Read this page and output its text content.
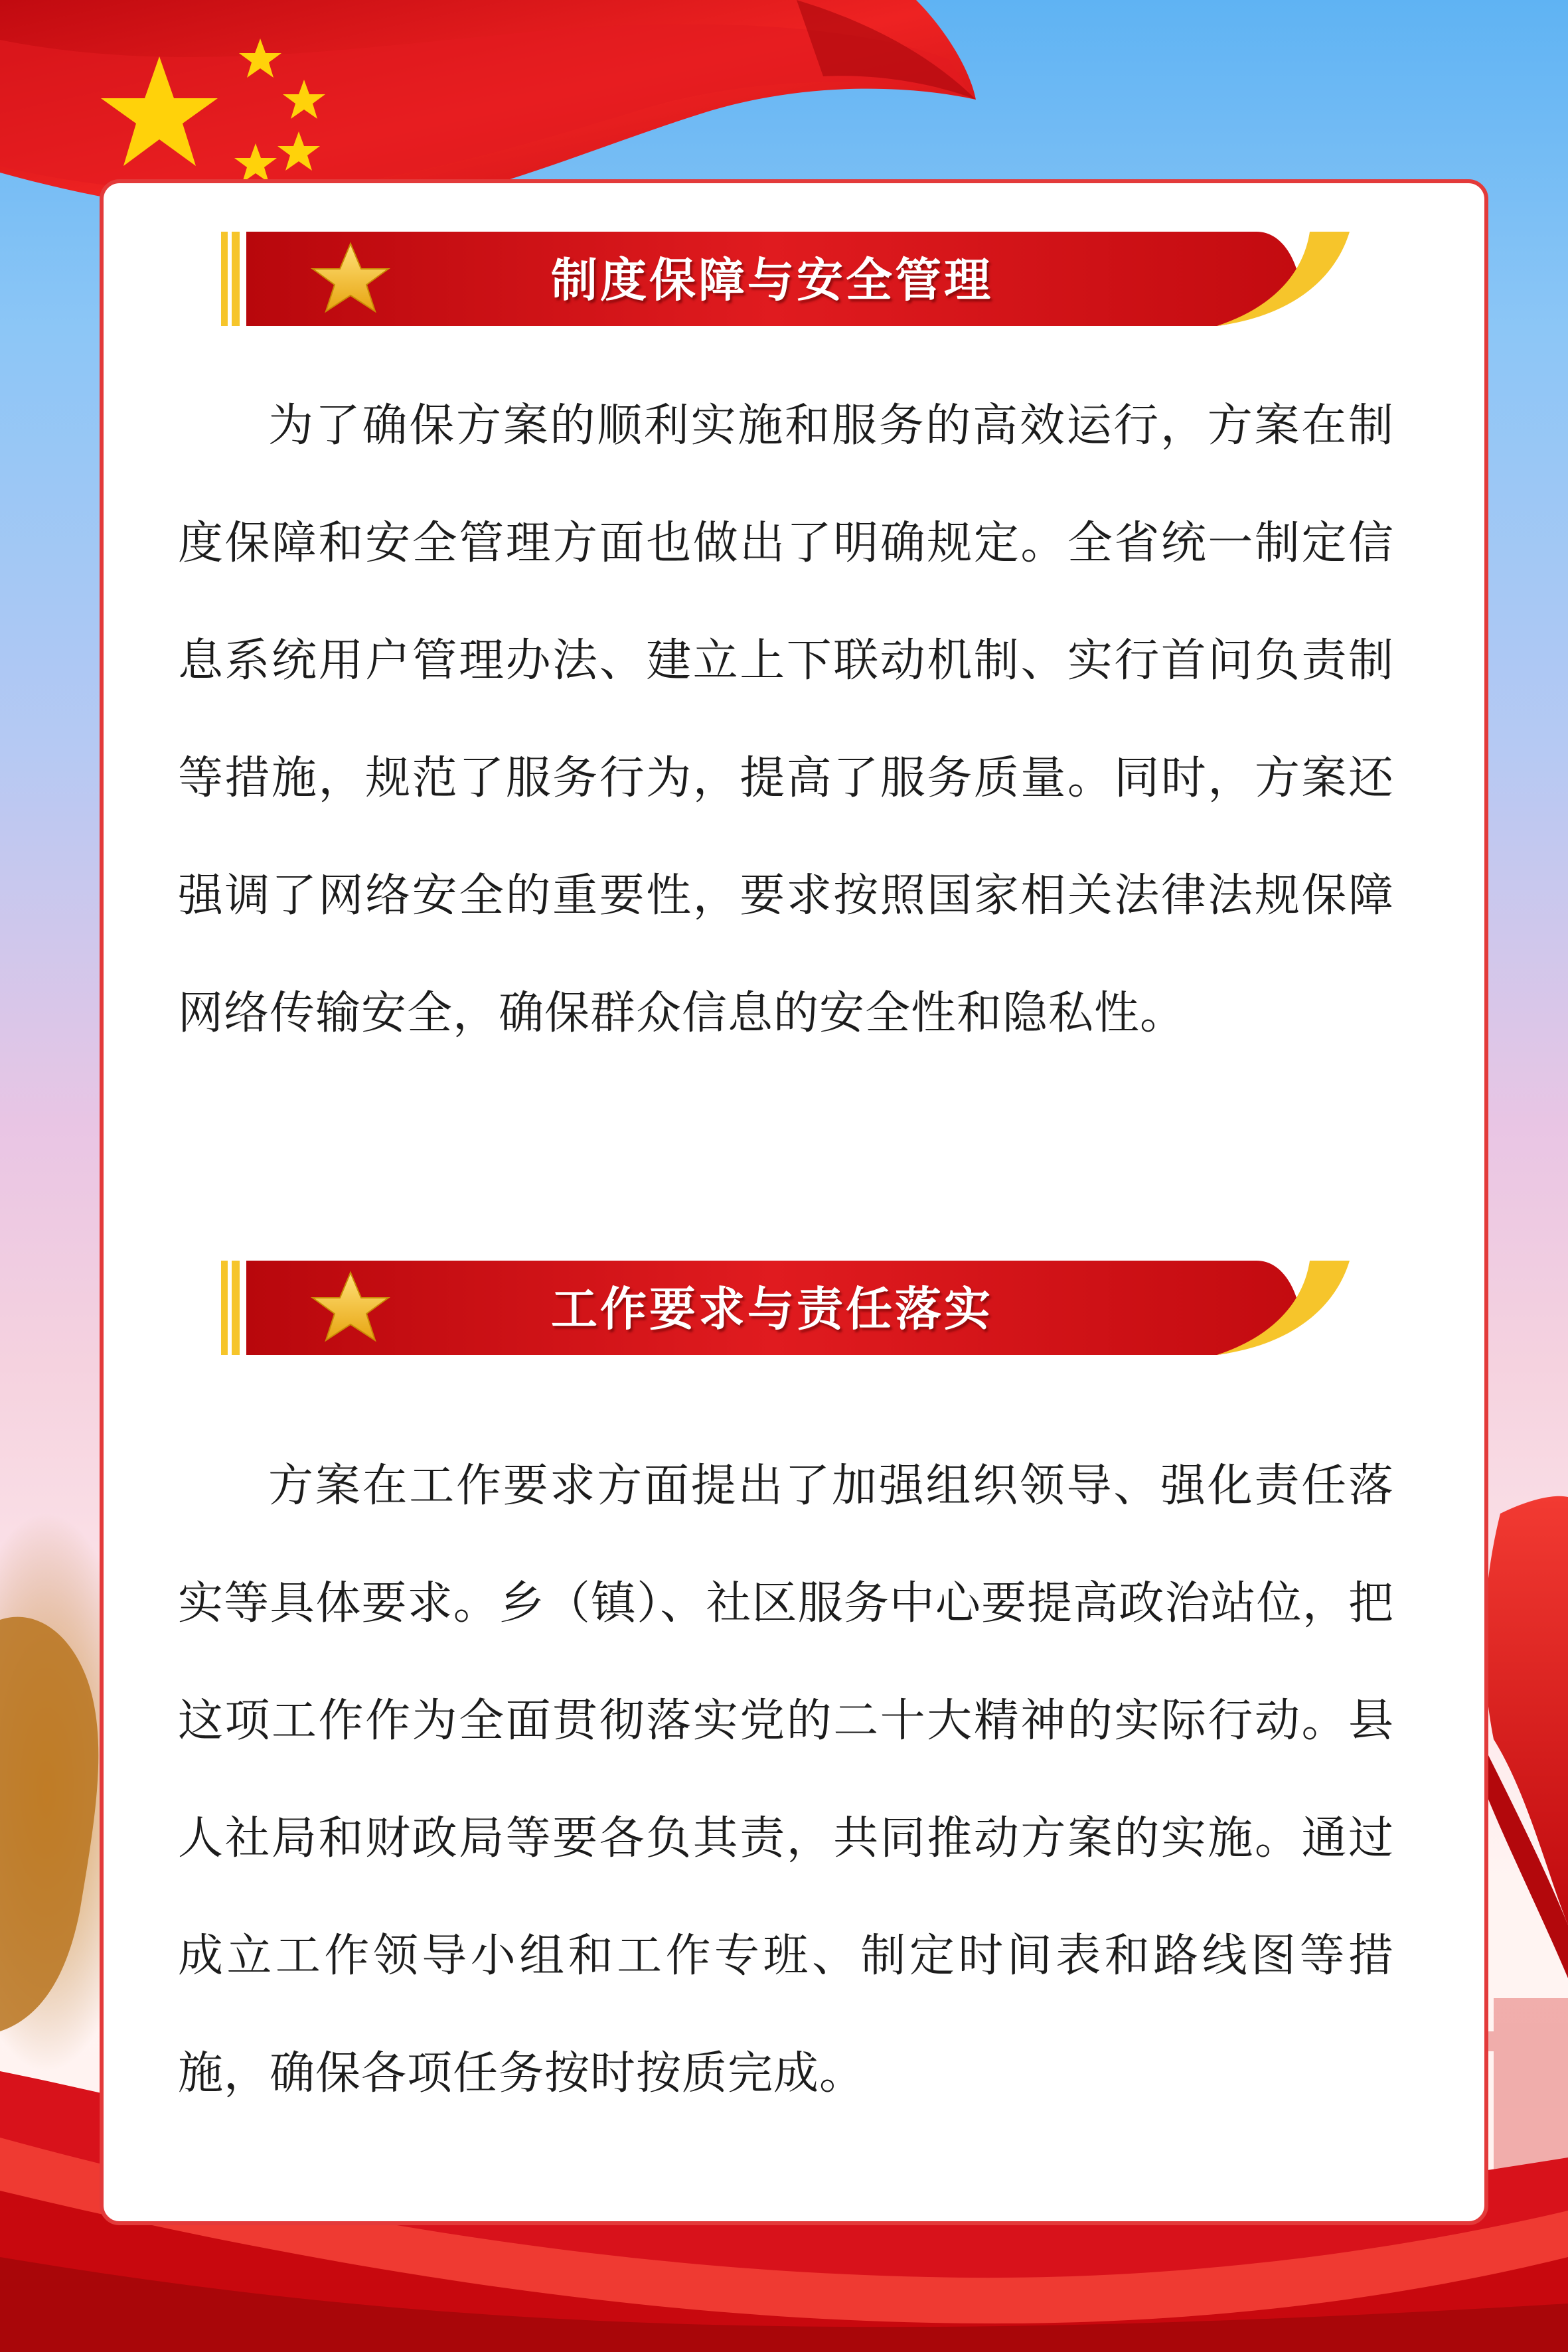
制度保障与安全管理

为了确保方案的顺利实施和服务的高效运行，方案在制度保障和安全管理方面也做出了明确规定。全省统一制定信息系统用户管理办法、建立上下联动机制、实行首问负责制等措施，规范了服务行为，提高了服务质量。同时，方案还强调了网络安全的重要性，要求按照国家相关法律法规保障网络传输安全，确保群众信息的安全性和隐私性。

工作要求与责任落实

方案在工作要求方面提出了加强组织领导、强化责任落实等具体要求。乡（镇）、社区服务中心要提高政治站位，把这项工作作为全面贯彻落实党的二十大精神的实际行动。县人社局和财政局等要各负其责，共同推动方案的实施。通过成立工作领导小组和工作专班、制定时间表和路线图等措施，确保各项任务按时按质完成。
